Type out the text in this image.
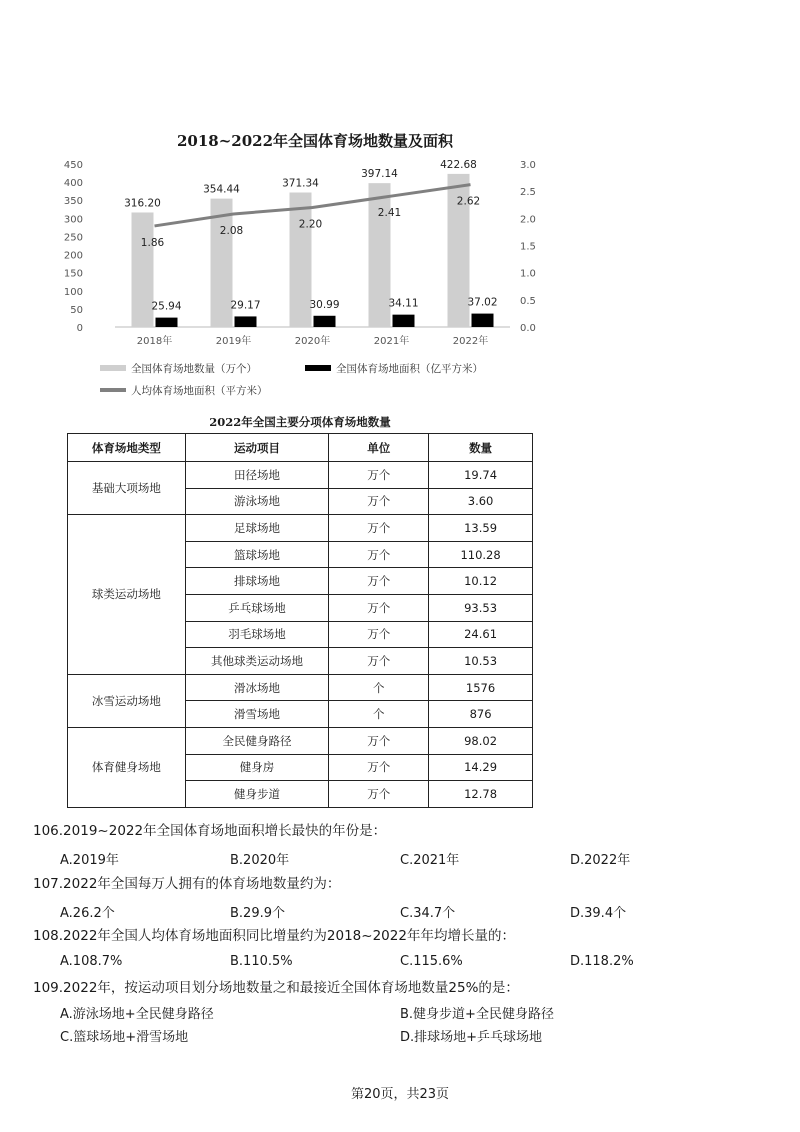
0
50
100
150
200
250
300
350
400
450
0.0
0.5
1.0
1.5
2.0
2.5
3.0
316.20
25.94
2018年
354.44
29.17
2019年
371.34
30.99
2020年
397.14
34.11
2021年
422.68
37.02
2022年
1.86
2.08
2.20
2.41
2.62
全国体育场地数量（万个）	全国体育场地面积（亿平方米）
人均体育场地面积（平方米）
2018~2022年全国体育场地数量及面积
2022年全国主要分项体育场地数量
体育场地类型	运动项目	单位	数量
基础大项场地	田径场地	万个	19.74
	游泳场地	万个	3.60
球类运动场地	足球场地	万个	13.59
	篮球场地	万个	110.28
	排球场地	万个	10.12
	乒乓球场地	万个	93.53
	羽毛球场地	万个	24.61
	其他球类运动场地	万个	10.53
冰雪运动场地	滑冰场地	个	1576
	滑雪场地	个	876
体育健身场地	全民健身路径	万个	98.02
	健身房	万个	14.29
	健身步道	万个	12.78
106.2019~2022年全国体育场地面积增长最快的年份是：
A.2019年	B.2020年	C.2021年	D.2022年
107.2022年全国每万人拥有的体育场地数量约为：
A.26.2个	B.29.9个	C.34.7个	D.39.4个
108.2022年全国人均体育场地面积同比增量约为2018~2022年年均增长量的：
A.108.7%	B.110.5%	C.115.6%	D.118.2%
109.2022年，按运动项目划分场地数量之和最接近全国体育场地数量25%的是：
A.游泳场地+全民健身路径	B.健身步道+全民健身路径
C.篮球场地+滑雪场地	D.排球场地+乒乓球场地
第20页，共23页
